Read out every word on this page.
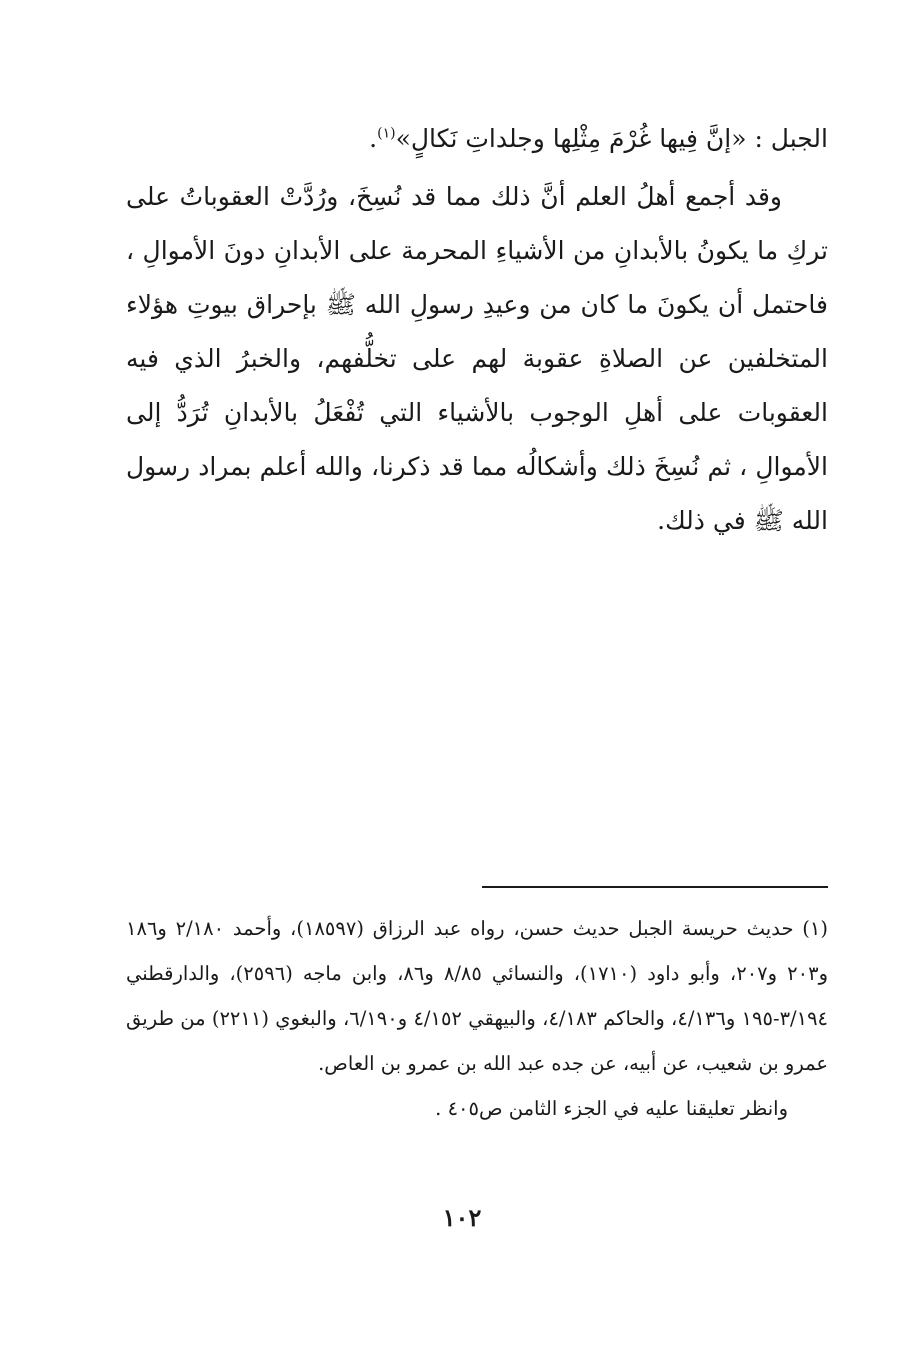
الجبل : «إنَّ فِيها غُرْمَ مِثْلِها وجلداتِ نَكالٍ»$^{(١)}$.

وقد أجمع أهلُ العلم أنَّ ذلك مما قد نُسِخَ، ورُدَّتْ العقوباتُ على تركِ ما يكونُ بالأبدانِ من الأشياءِ المحرمة على الأبدانِ دونَ الأموالِ ، فاحتمل أن يكونَ ما كان من وعيدِ رسولِ الله ﷺ بإحراق بيوتِ هؤلاء المتخلفين عن الصلاةِ عقوبة لهم على تخلُّفهم، والخبرُ الذي فيه العقوبات على أهلِ الوجوب بالأشياء التي تُفْعَلُ بالأبدانِ تُرَدُّ إلى الأموالِ ، ثم نُسِخَ ذلك وأشكالُه مما قد ذكرنا، والله أعلم بمراد رسول الله ﷺ في ذلك.

(١) حديث حريسة الجبل حديث حسن، رواه عبد الرزاق (١٨٥٩٧)، وأحمد ٢/١٨٠ و١٨٦ و٢٠٣ و٢٠٧، وأبو داود (١٧١٠)، والنسائي ٨/٨٥ و٨٦، وابن ماجه (٢٥٩٦)، والدارقطني ٣/١٩٤-١٩٥ و٤/١٣٦، والحاكم ٤/١٨٣، والبيهقي ٤/١٥٢ و٦/١٩٠، والبغوي (٢٢١١) من طريق عمرو بن شعيب، عن أبيه، عن جده عبد الله بن عمرو بن العاص.

وانظر تعليقنا عليه في الجزء الثامن ص٤٠٥ .

١٠٢
